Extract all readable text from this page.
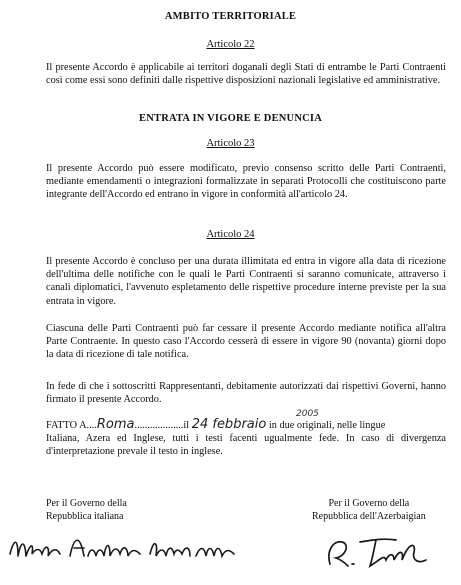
AMBITO TERRITORIALE
Articolo 22
Il presente Accordo è applicabile ai territori doganali degli Stati di entrambe le Parti Contraenti così come essi sono definiti dalle rispettive disposizioni nazionali legislative ed amministrative.
ENTRATA IN VIGORE E DENUNCIA
Articolo 23
Il presente Accordo può essere modificato, previo consenso scritto delle Parti Contraenti, mediante emendamenti o integrazioni formalizzate in separati Protocolli che costituiscono parte integrante dell'Accordo ed entrano in vigore in conformità all'articolo 24.
Articolo 24
Il presente Accordo è concluso per una durata illimitata ed entra in vigore alla data di ricezione dell'ultima delle notifiche con le quali le Parti Contraenti si saranno comunicate, attraverso i canali diplomatici, l'avvenuto espletamento delle rispettive procedure interne previste per la sua entrata in vigore.
Ciascuna delle Parti Contraenti può far cessare il presente Accordo mediante notifica all'altra Parte Contraente. In questo caso l'Accordo cesserà di essere in vigore 90 (novanta) giorni dopo la data di ricezione di tale notifica.
In fede di che i sottoscritti Rappresentanti, debitamente autorizzati dai rispettivi Governi, hanno firmato il presente Accordo.
FATTO A....Roma...................il 24 febbraio in due originali, nelle lingue
2005
Italiana, Azera ed Inglese, tutti i testi facenti ugualmente fede. In caso di divergenza d'interpretazione prevale il testo in inglese.
Per il Governo della
Repubblica italiana
Per il Governo della
Repubblica dell'Azerbaigian
